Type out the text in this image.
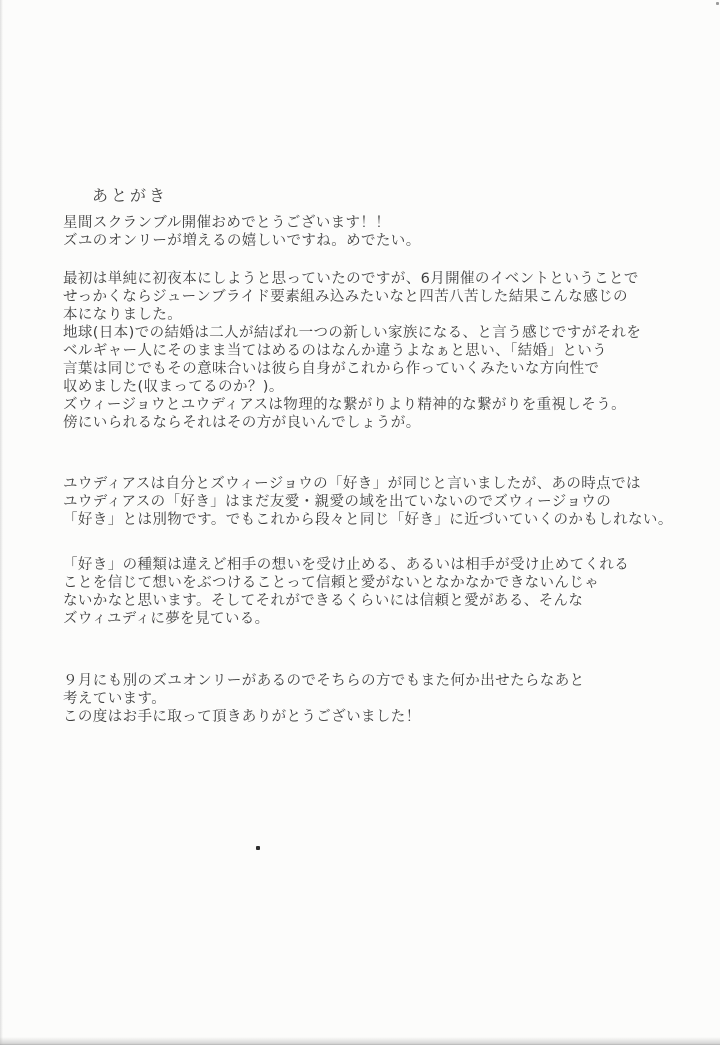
あとがき
星間スクランブル開催おめでとうございます！！
ズユのオンリーが増えるの嬉しいですね。めでたい。
最初は単純に初夜本にしようと思っていたのですが、6月開催のイベントということで
せっかくならジューンブライド要素組み込みたいなと四苦八苦した結果こんな感じの
本になりました。
地球(日本)での結婚は二人が結ばれ一つの新しい家族になる、と言う感じですがそれを
ベルギャー人にそのまま当てはめるのはなんか違うよなぁと思い、「結婚」という
言葉は同じでもその意味合いは彼ら自身がこれから作っていくみたいな方向性で
収めました(収まってるのか？)。
ズウィージョウとユウディアスは物理的な繋がりより精神的な繋がりを重視しそう。
傍にいられるならそれはその方が良いんでしょうが。
ユウディアスは自分とズウィージョウの「好き」が同じと言いましたが、あの時点では
ユウディアスの「好き」はまだ友愛・親愛の域を出ていないのでズウィージョウの
「好き」とは別物です。でもこれから段々と同じ「好き」に近づいていくのかもしれない。
「好き」の種類は違えど相手の想いを受け止める、あるいは相手が受け止めてくれる
ことを信じて想いをぶつけることって信頼と愛がないとなかなかできないんじゃ
ないかなと思います。そしてそれができるくらいには信頼と愛がある、そんな
ズウィユディに夢を見ている。
９月にも別のズユオンリーがあるのでそちらの方でもまた何か出せたらなあと
考えています。
この度はお手に取って頂きありがとうございました！
